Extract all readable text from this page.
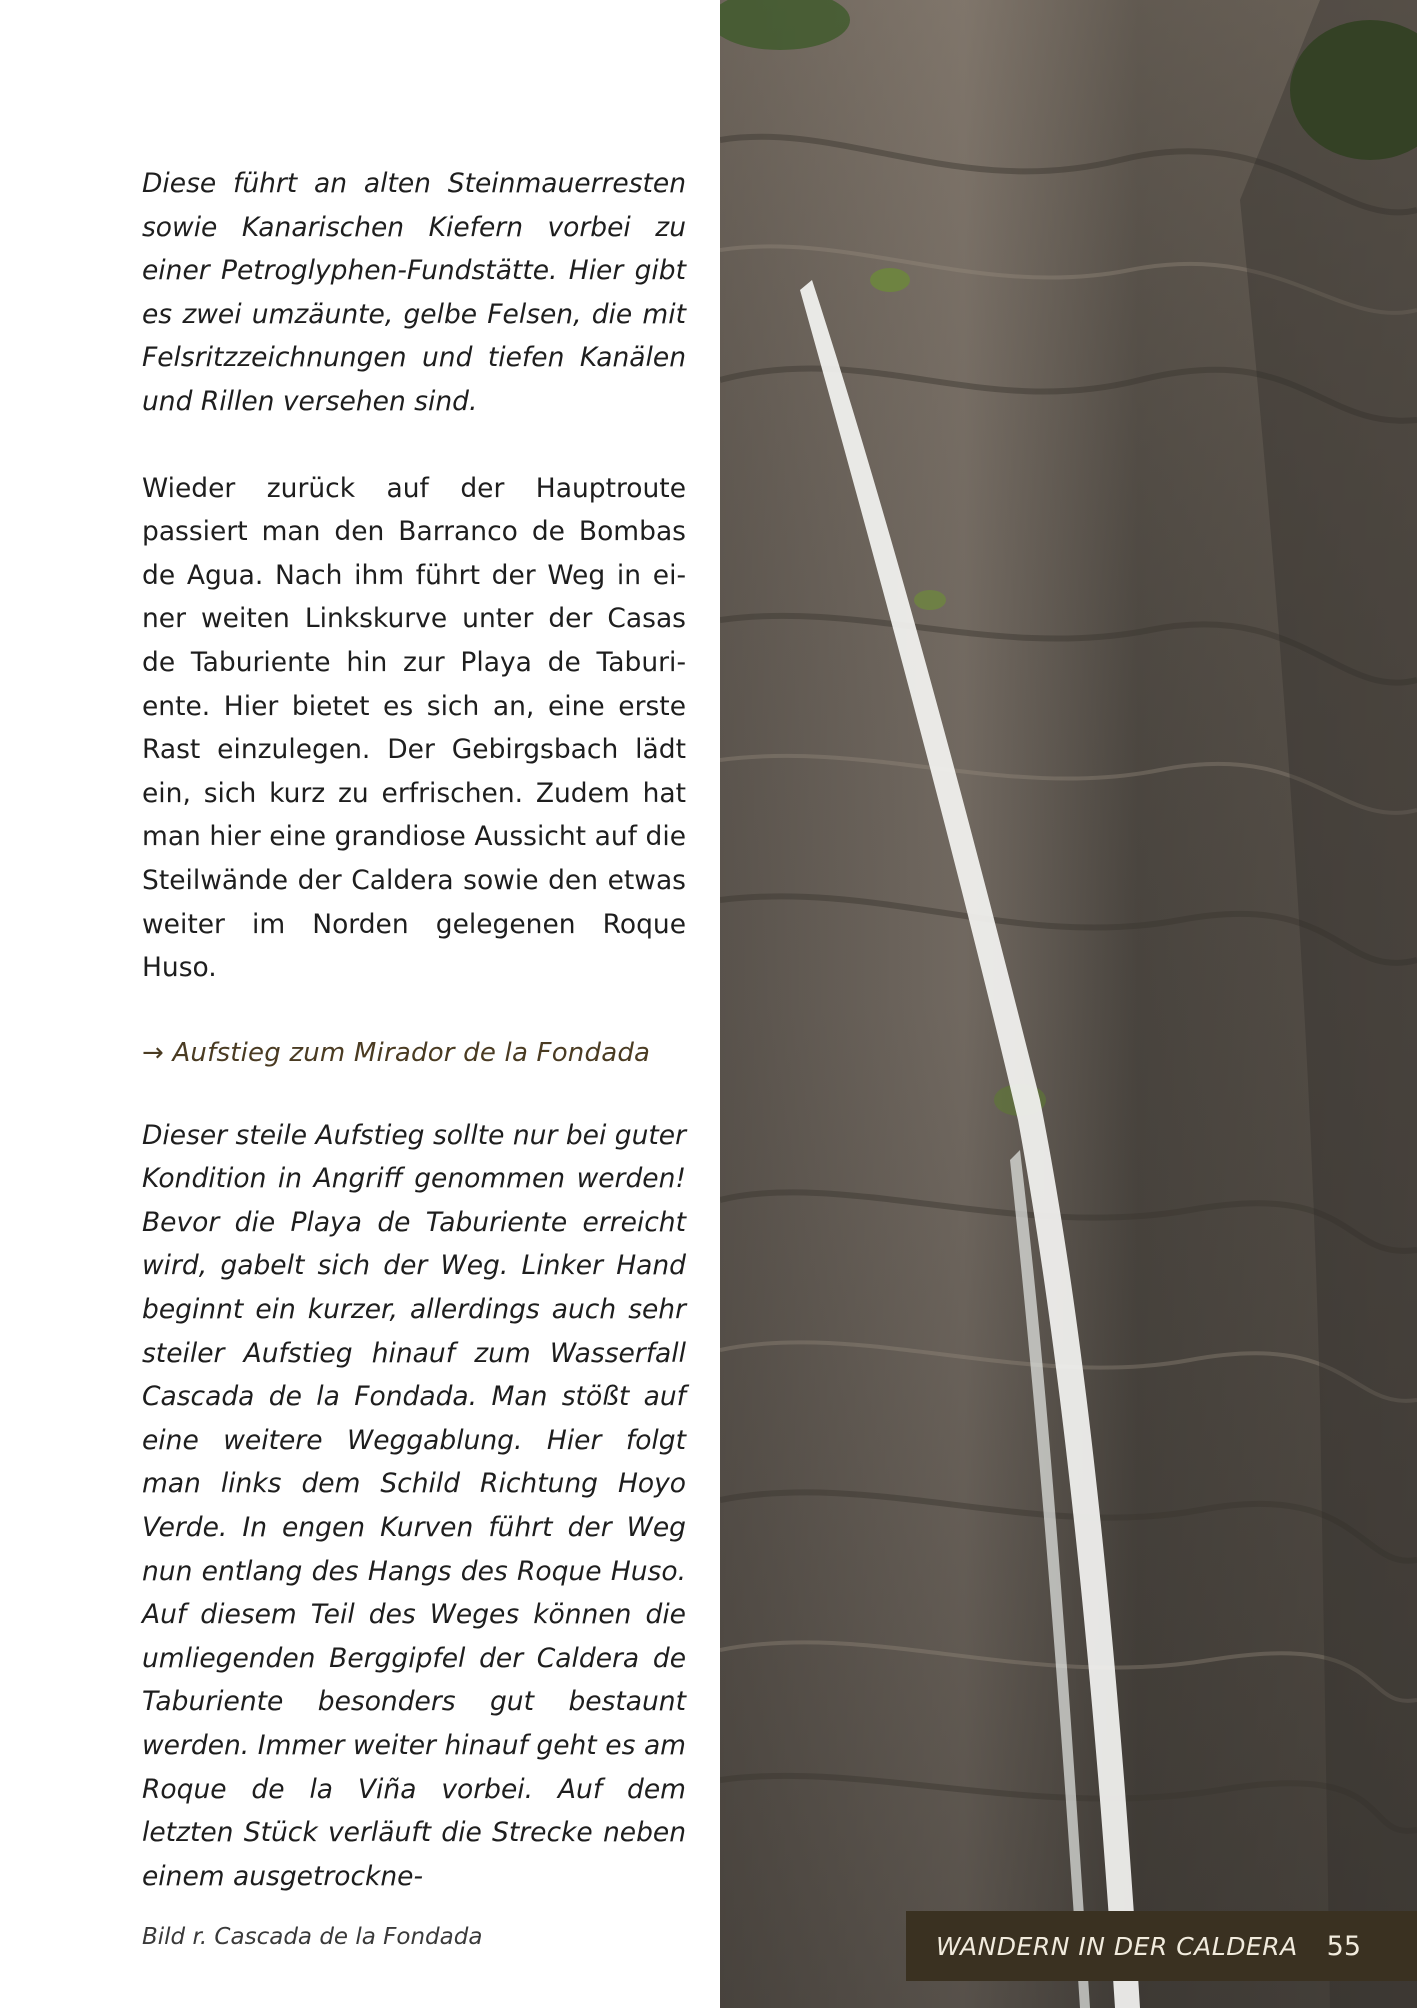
Diese führt an alten Steinmauerresten sowie Kanarischen Kiefern vorbei zu einer Petroglyphen-Fundstätte. Hier gibt es zwei umzäunte, gelbe Felsen, die mit Felsritzzeichnungen und tiefen Kanälen und Rillen versehen sind.

Wieder zurück auf der Hauptroute passiert man den Barranco de Bombas de Agua. Nach ihm führt der Weg in einer weiten Linkskurve unter der Casas de Taburiente hin zur Playa de Taburiente. Hier bietet es sich an, eine erste Rast einzulegen. Der Gebirgsbach lädt ein, sich kurz zu erfrischen. Zudem hat man hier eine grandiose Aussicht auf die Steilwände der Caldera sowie den etwas weiter im Norden gelegenen Roque Huso.

→ Aufstieg zum Mirador de la Fondada

Dieser steile Aufstieg sollte nur bei guter Kondition in Angriff genommen werden! Bevor die Playa de Taburiente erreicht wird, gabelt sich der Weg. Linker Hand beginnt ein kurzer, allerdings auch sehr steiler Aufstieg hinauf zum Wasserfall Cascada de la Fondada. Man stößt auf eine weitere Weggablung. Hier folgt man links dem Schild Richtung Hoyo Verde. In engen Kurven führt der Weg nun entlang des Hangs des Roque Huso. Auf diesem Teil des Weges können die umliegenden Berggipfel der Caldera de Taburiente besonders gut bestaunt werden. Immer weiter hinauf geht es am Roque de la Viña vorbei. Auf dem letzten Stück verläuft die Strecke neben einem ausgetrockne-

Bild r. Cascada de la Fondada	WANDERN IN DER CALDERA 55
